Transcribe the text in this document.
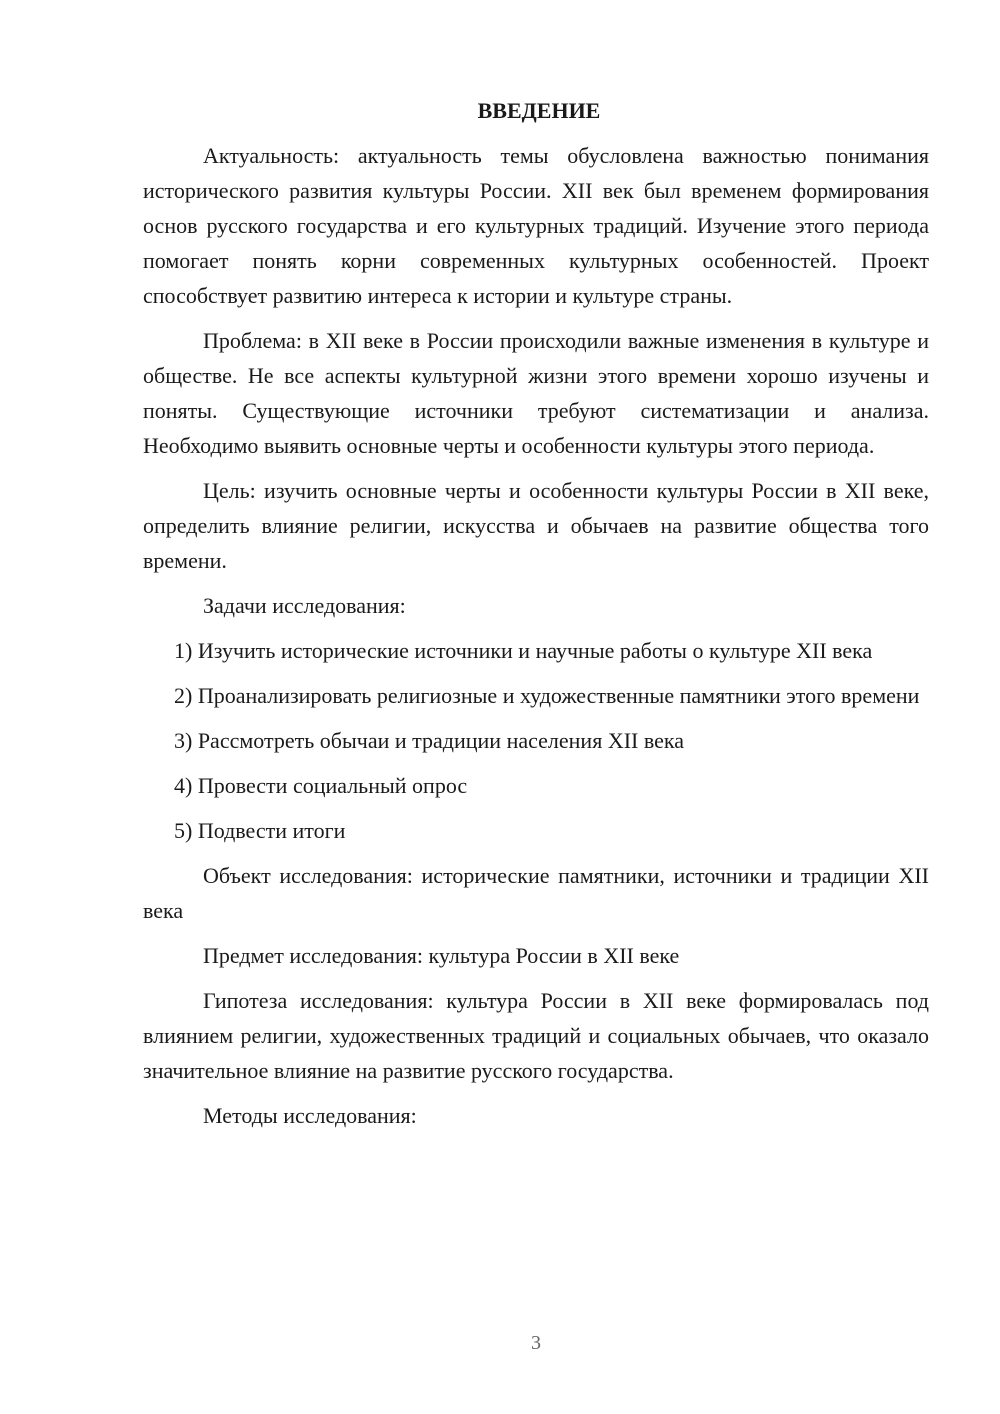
ВВЕДЕНИЕ

Актуальность: актуальность темы обусловлена важностью понимания исторического развития культуры России. XII век был временем формирования основ русского государства и его культурных традиций. Изучение этого периода помогает понять корни современных культурных особенностей. Проект способствует развитию интереса к истории и культуре страны.

Проблема: в XII веке в России происходили важные изменения в культуре и обществе. Не все аспекты культурной жизни этого времени хорошо изучены и поняты. Существующие источники требуют систематизации и анализа. Необходимо выявить основные черты и особенности культуры этого периода.

Цель: изучить основные черты и особенности культуры России в XII веке, определить влияние религии, искусства и обычаев на развитие общества того времени.

Задачи исследования:

1) Изучить исторические источники и научные работы о культуре XII века

2) Проанализировать религиозные и художественные памятники этого времени

3) Рассмотреть обычаи и традиции населения XII века

4) Провести социальный опрос

5) Подвести итоги

Объект исследования: исторические памятники, источники и традиции XII века

Предмет исследования: культура России в XII веке

Гипотеза исследования: культура России в XII веке формировалась под влиянием религии, художественных традиций и социальных обычаев, что оказало значительное влияние на развитие русского государства.

Методы исследования:

3
